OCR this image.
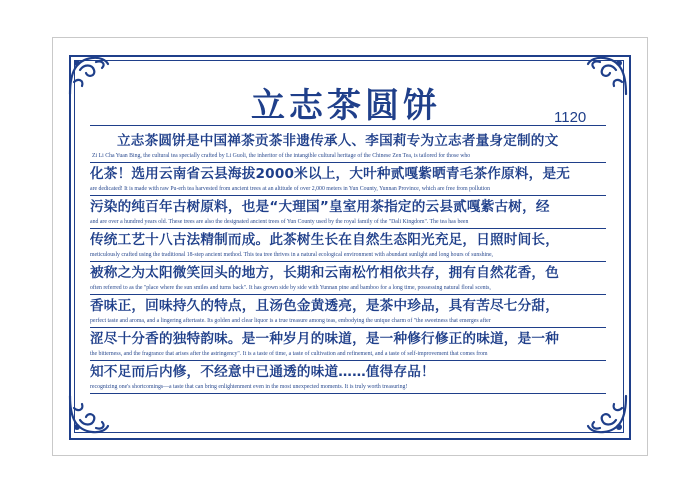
立志茶圆饼	1120
立志茶圆饼是中国禅茶贡茶非遗传承人、李国莉专为立志者量身定制的文
Zi Li Cha Yuan Bing, the cultural tea specially crafted by Li Guoli, the inheritor of the intangible cultural heritage of the Chinese Zen Tea, is tailored for those who
化茶！选用云南省云县海拔2000米以上，大叶种贰嘎紫晒青毛茶作原料，是无
are dedicated! It is made with raw Pu-erh tea harvested from ancient trees at an altitude of over 2,000 meters in Yun County, Yunnan Province, which are free from pollution
污染的纯百年古树原料，也是“大理国”皇室用茶指定的云县贰嘎紫古树，经
and are over a hundred years old. These trees are also the designated ancient trees of Yun County used by the royal family of the "Dali Kingdom". The tea has been
传统工艺十八古法精制而成。此茶树生长在自然生态阳光充足，日照时间长，
meticulously crafted using the traditional 18-step ancient method. This tea tree thrives in a natural ecological environment with abundant sunlight and long hours of sunshine,
被称之为太阳微笑回头的地方，长期和云南松竹相依共存，拥有自然花香，色
often referred to as the "place where the sun smiles and turns back". It has grown side by side with Yunnan pine and bamboo for a long time, possessing natural floral scents,
香味正，回味持久的特点，且汤色金黄透亮，是茶中珍品，具有苦尽七分甜，
perfect taste and aroma, and a lingering aftertaste. Its golden and clear liquor is a true treasure among teas, embodying the unique charm of "the sweetness that emerges after
涩尽十分香的独特韵味。是一种岁月的味道，是一种修行修正的味道，是一种
the bitterness, and the fragrance that arises after the astringency". It is a taste of time, a taste of cultivation and refinement, and a taste of self-improvement that comes from
知不足而后内修，不经意中已通透的味道……值得存品！
recognizing one's shortcomings—a taste that can bring enlightenment even in the most unexpected moments. It is truly worth treasuring!
